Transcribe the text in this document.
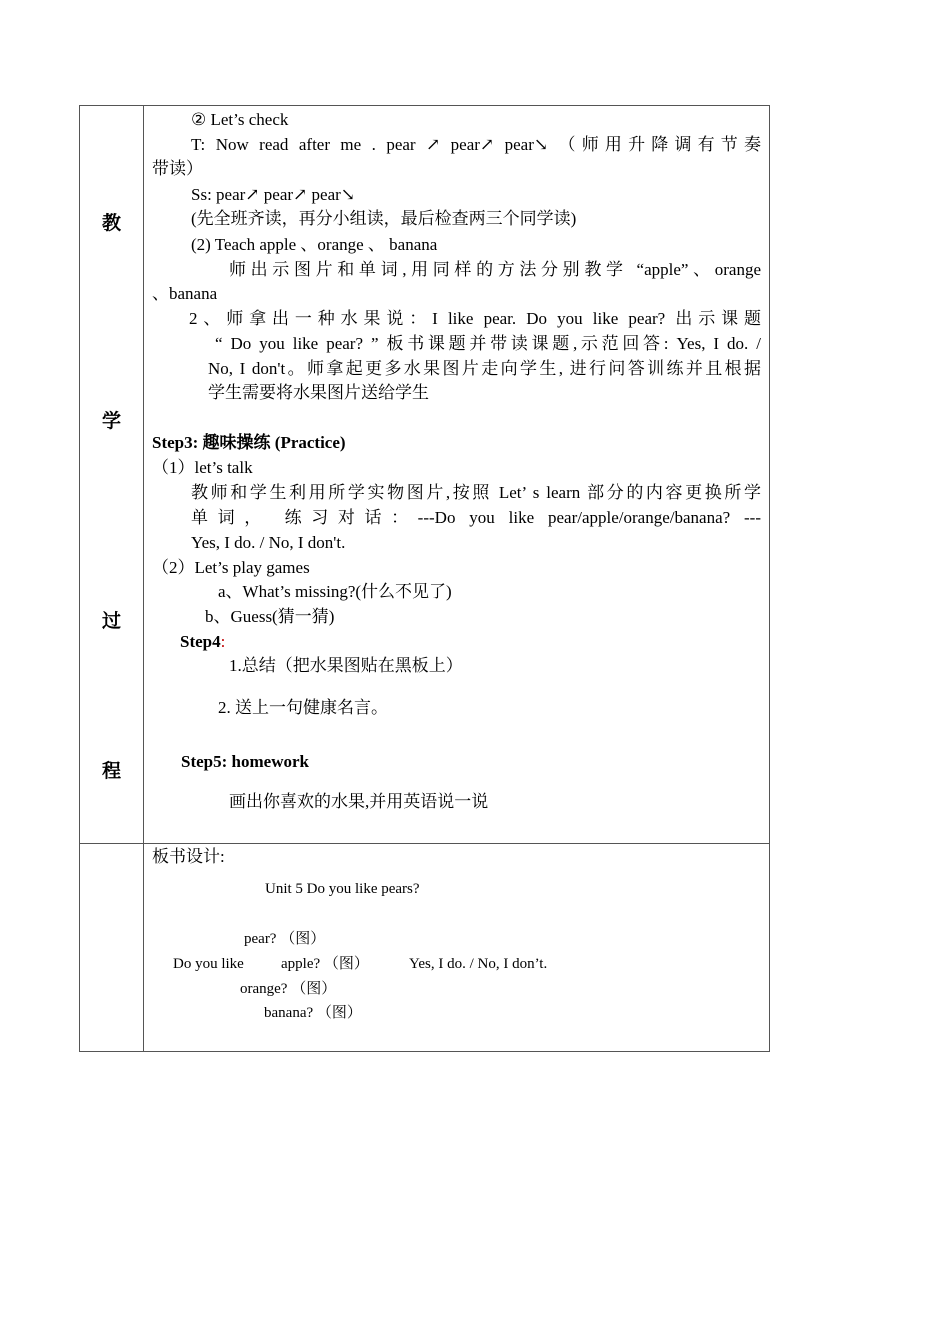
教
学
过
程
② Let’s check
T: Now read after me . pear ↗ pear↗ pear↘ （师用升降调有节奏
带读）
Ss: pear↗ pear↗ pear↘
(先全班齐读，再分小组读，最后检查两三个同学读)
(2) Teach apple 、orange 、 banana
师出示图片和单词,用同样的方法分别教学 “apple”、orange
、banana
2、师拿出一种水果说：I like pear. Do you like pear? 出示课题
“ Do you like pear? ” 板书课题并带读课题,示范回答: Yes, I do. /
No, I don't。师拿起更多水果图片走向学生, 进行问答训练并且根据
学生需要将水果图片送给学生
Step3: 趣味操练 (Practice)
（1）let’s talk
教师和学生利用所学实物图片,按照 Let’ s learn 部分的内容更换所学
单词， 练习对话：---Do you like pear/apple/orange/banana? ---
Yes, I do. / No, I don't.
（2）Let’s play games
a、What’s missing?(什么不见了)
b、Guess(猜一猜)
Step4:
1.总结（把水果图贴在黑板上）
2. 送上一句健康名言。
Step5: homework
画出你喜欢的水果,并用英语说一说
板书设计:
Unit 5 Do you like pears?
pear? （图）
Do you like apple? （图）	Yes, I do. / No, I don’t.
orange? （图）
banana? （图）
